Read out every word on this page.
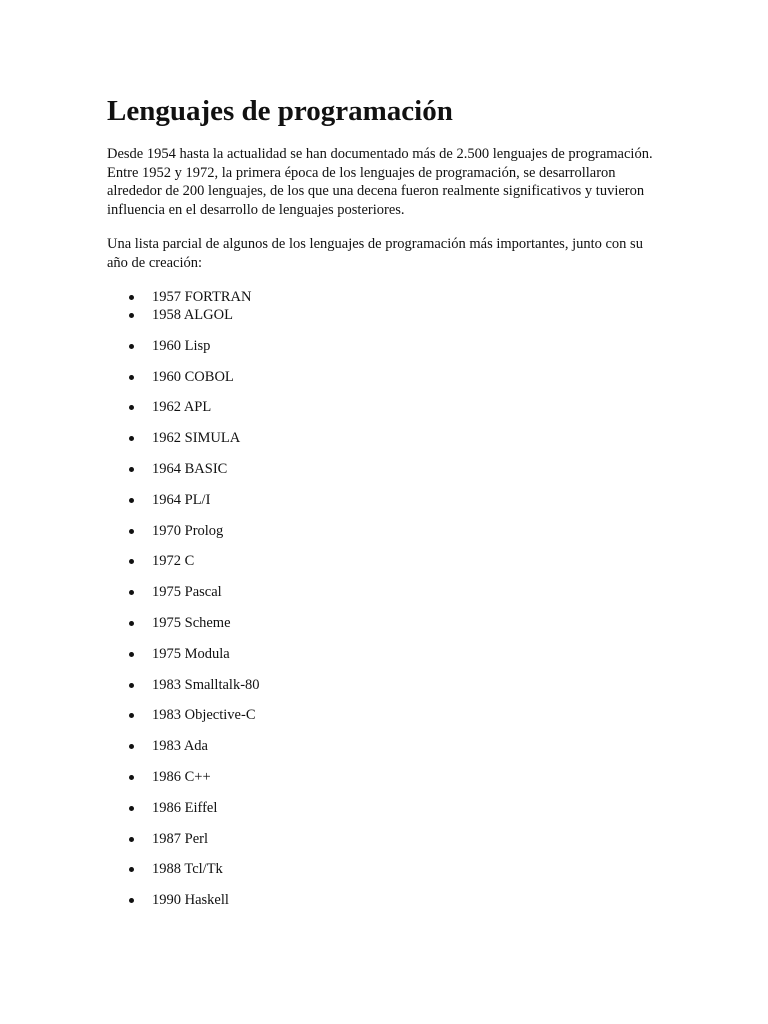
Lenguajes de programación

Desde 1954 hasta la actualidad se han documentado más de 2.500 lenguajes de programación. Entre 1952 y 1972, la primera época de los lenguajes de programación, se desarrollaron alrededor de 200 lenguajes, de los que una decena fueron realmente significativos y tuvieron influencia en el desarrollo de lenguajes posteriores.

Una lista parcial de algunos de los lenguajes de programación más importantes, junto con su año de creación:

1957 FORTRAN
1958 ALGOL
1960 Lisp
1960 COBOL
1962 APL
1962 SIMULA
1964 BASIC
1964 PL/I
1970 Prolog
1972 C
1975 Pascal
1975 Scheme
1975 Modula
1983 Smalltalk-80
1983 Objective-C
1983 Ada
1986 C++
1986 Eiffel
1987 Perl
1988 Tcl/Tk
1990 Haskell
